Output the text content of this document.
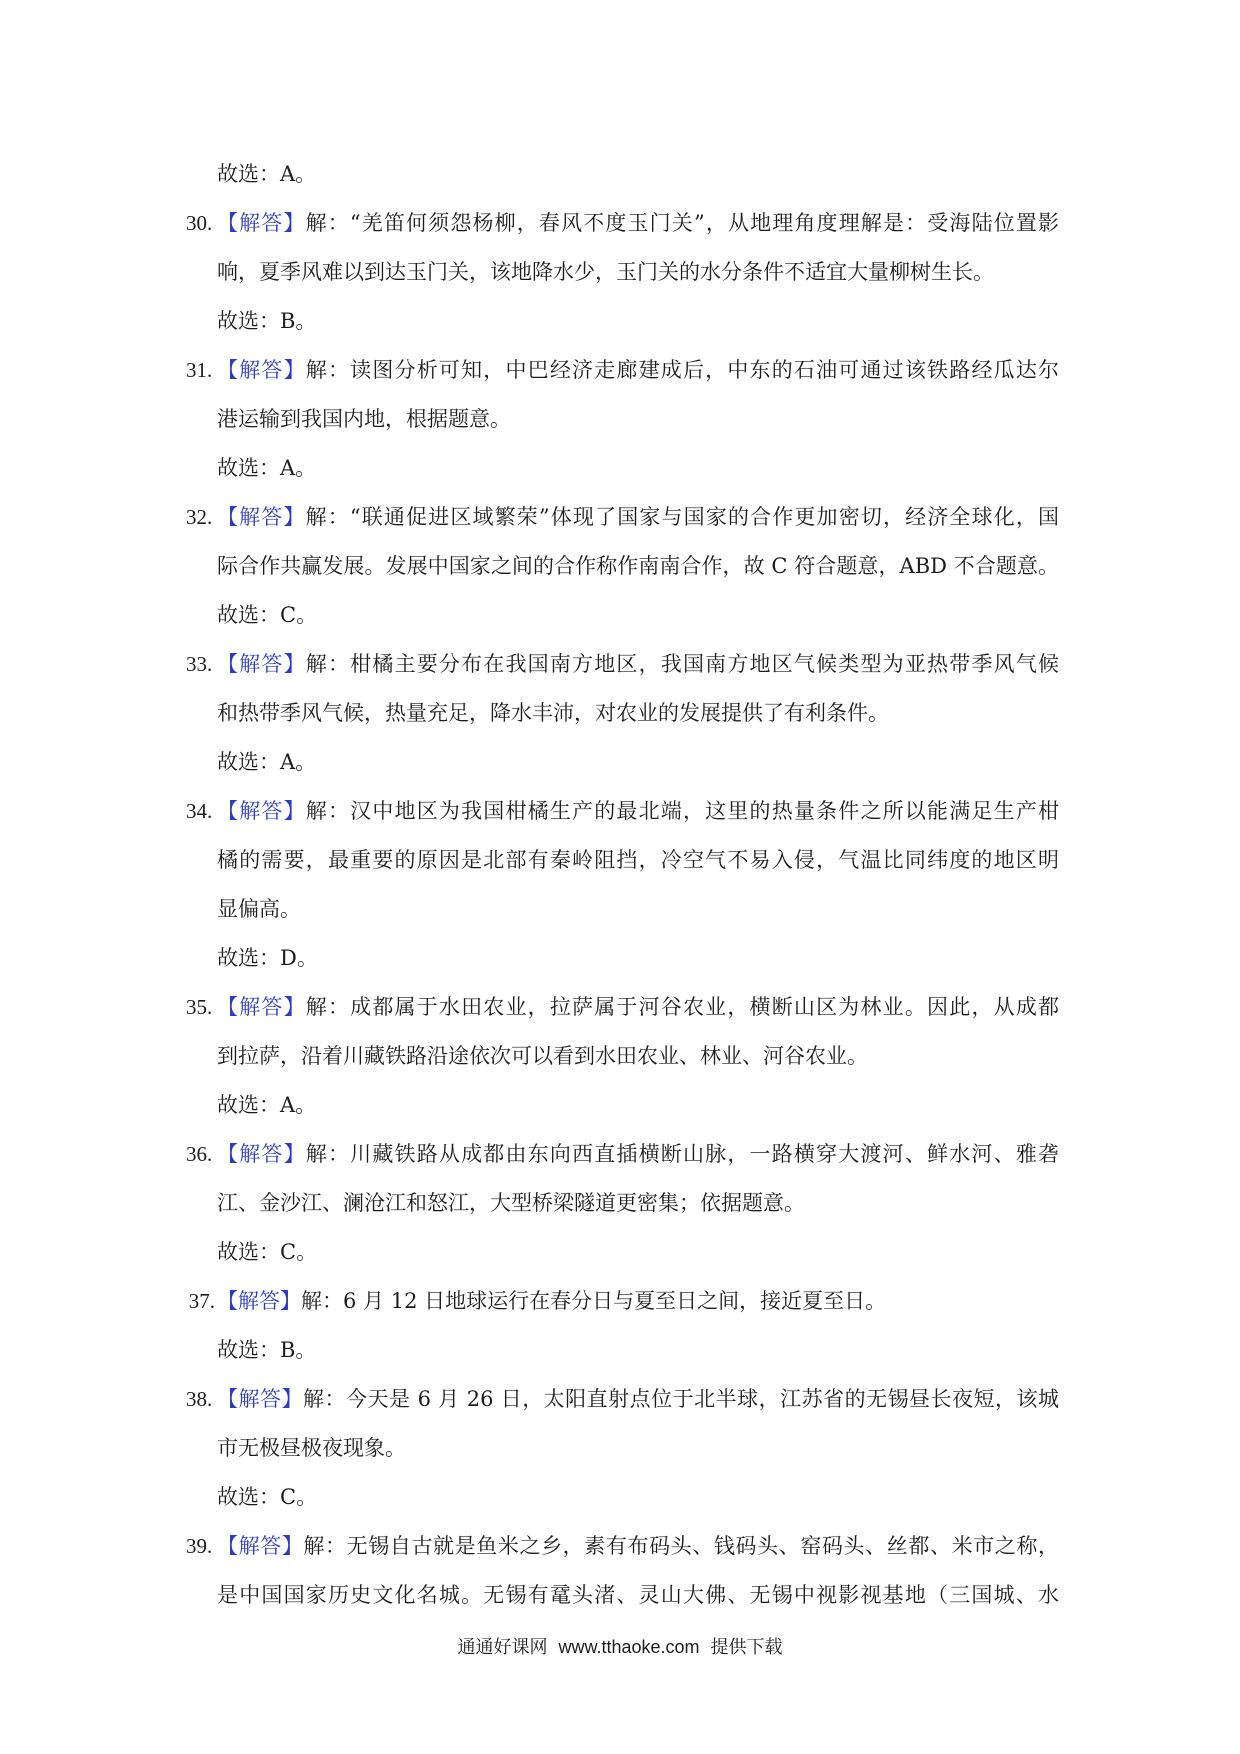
故选：A。
30. 【解答】解：“羌笛何须怨杨柳，春风不度玉门关”，从地理角度理解是：受海陆位置影
响，夏季风难以到达玉门关，该地降水少，玉门关的水分条件不适宜大量柳树生长。
故选：B。
31. 【解答】解：读图分析可知，中巴经济走廊建成后，中东的石油可通过该铁路经瓜达尔
港运输到我国内地，根据题意。
故选：A。
32. 【解答】解：“联通促进区域繁荣”体现了国家与国家的合作更加密切，经济全球化，国
际合作共赢发展。发展中国家之间的合作称作南南合作，故 C 符合题意，ABD 不合题意。
故选：C。
33. 【解答】解：柑橘主要分布在我国南方地区，我国南方地区气候类型为亚热带季风气候
和热带季风气候，热量充足，降水丰沛，对农业的发展提供了有利条件。
故选：A。
34. 【解答】解：汉中地区为我国柑橘生产的最北端，这里的热量条件之所以能满足生产柑
橘的需要，最重要的原因是北部有秦岭阻挡，冷空气不易入侵，气温比同纬度的地区明
显偏高。
故选：D。
35. 【解答】解：成都属于水田农业，拉萨属于河谷农业，横断山区为林业。因此，从成都
到拉萨，沿着川藏铁路沿途依次可以看到水田农业、林业、河谷农业。
故选：A。
36. 【解答】解：川藏铁路从成都由东向西直插横断山脉，一路横穿大渡河、鲜水河、雅砻
江、金沙江、澜沧江和怒江，大型桥梁隧道更密集；依据题意。
故选：C。
37. 【解答】解：6 月 12 日地球运行在春分日与夏至日之间，接近夏至日。
故选：B。
38. 【解答】解：今天是 6 月 26 日，太阳直射点位于北半球，江苏省的无锡昼长夜短，该城
市无极昼极夜现象。
故选：C。
39. 【解答】解：无锡自古就是鱼米之乡，素有布码头、钱码头、窑码头、丝都、米市之称，
是中国国家历史文化名城。无锡有鼋头渚、灵山大佛、无锡中视影视基地（三国城、水
通通好课网 www.tthaoke.com 提供下载
